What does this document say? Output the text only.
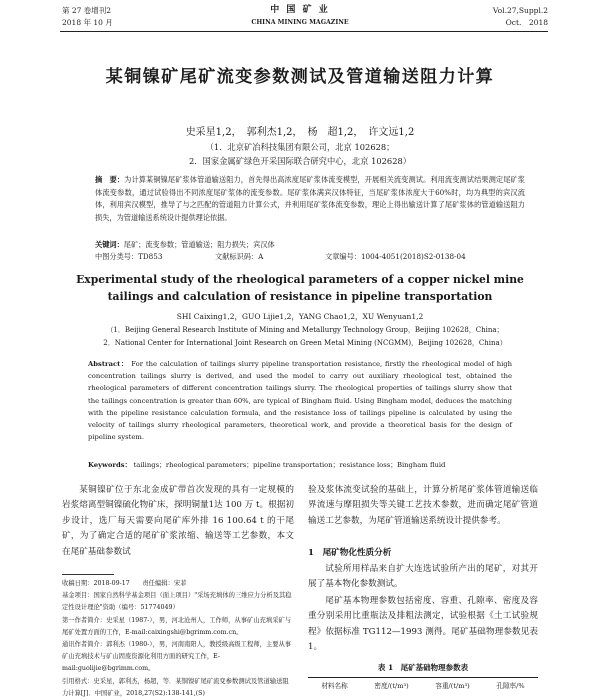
第 27 卷增刊2
2018 年 10 月
中 国 矿 业
CHINA MINING MAGAZINE
Vol.27,Suppl.2
Oct.　2018
某铜镍矿尾矿流变参数测试及管道输送阻力计算
史采星1,2，　郭利杰1,2，　杨　超1,2，　许文远1,2
（1．北京矿冶科技集团有限公司，北京 102628；
2．国家金属矿绿色开采国际联合研究中心，北京 102628）
摘　要：为计算某铜镍尾矿浆体管道输送阻力，首先得出高浓度尾矿浆体流变模型，开展相关流变测试。利用流变测试结果测定尾矿浆体流变参数，通过试验得出不同浓度尾矿浆体的流变参数。尾矿浆体满宾汉体特征，当尾矿浆体浓度大于60%时，均为典型的宾汉流体，利用宾汉模型，推导了与之匹配的管道阻力计算公式，并利用尾矿浆体流变参数，理论上得出输送计算了尾矿浆体的管道输送阻力损失，为管道输送系统设计提供理论依据。
关键词：尾矿；流变参数；管道输送；阻力损失；宾汉体
中图分类号：TD853	文献标识码：A	文章编号：1004-4051(2018)S2-0138-04
Experimental study of the rheological parameters of a copper nickel mine tailings and calculation of resistance in pipeline transportation
SHI Caixing1,2，GUO Lijie1,2，YANG Chao1,2，XU Wenyuan1,2
（1．Beijing General Research Institute of Mining and Metallurgy Technology Group，Beijing 102628，China；
2．National Center for International Joint Research on Green Metal Mining (NCGMM)，Beijing 102628，China）
Abstract： For the calculation of tailings slurry pipeline transportation resistance, firstly the rheological model of high concentration tailings slurry is derived, and used the model to carry out auxiliary rheological test, obtained the rheological parameters of different concentration tailings slurry. The rheological properties of tailings slurry show that the tailings concentration is greater than 60%, are typical of Bingham fluid. Using Bingham model, deduces the matching with the pipeline resistance calculation formula, and the resistance loss of tailings pipeline is calculated by using the velocity of tailings slurry rheological parameters, theoretical work, and provide a theoretical basis for the design of pipeline system.
Keywords： tailings；rheological parameters；pipeline transportation；resistance loss；Bingham fluid
某铜镍矿位于东北金成矿带首次发现的具有一定规模的岩浆熔离型铜镍硫化物矿床，探明铜量1达 100 万 t。根据初步设计，选厂每天需要向尾矿库外排 16 100.64 t 的干尾矿，为了确定合适的尾矿矿浆浓缩、输送等工艺参数，本文在尾矿基础参数试
收稿日期：2018-09-17　　责任编辑：宋菲
基金项目：国家自然科学基金项目（面上项目）"采场充填体的三维应力分析及其稳定性设计理论"资助（编号：51774049）
第一作者简介：史采星（1987-），男，河北沧州人，工作师，从事矿山充填采矿与尾矿处置方面的工作，E-mail:caixingshi@bgrimm.com.cn。
通讯作者简介：郭利杰（1980-），男，河南南阳人，教授级高级工程师，主要从事矿山充填技术与矿山固废资源化利用方面的研究工作，E-mail:guolijie@bgrimm.com。
引用格式：史采星，郭利杰，杨超，等．某铜镍矿尾矿流变参数测试及管道输送阻力计算[J]．中国矿业，2018,27(S2):138-141,(S)
验及浆体流变试验的基础上，计算分析尾矿浆体管道输送临界流速与摩阻损失等关键工艺技术参数，进而确定尾矿管道输送工艺参数，为尾矿管道输送系统设计提供参考。
1　尾矿物化性质分析
试验所用样品来自扩大连选试验所产出的尾矿，对其开展了基本物化参数测试。
尾矿基本物理参数包括密度、容重、孔隙率、密度及容重分别采用比重瓶法及排粗法测定，试验根据《土工试验规程》依据标准 TG112—1993 测得。尾矿基础物理参数见表 1。
表 1　尾矿基础物理参数表
材料名称	密度/(t/m³)	容重/(t/m³)	孔隙率/%
